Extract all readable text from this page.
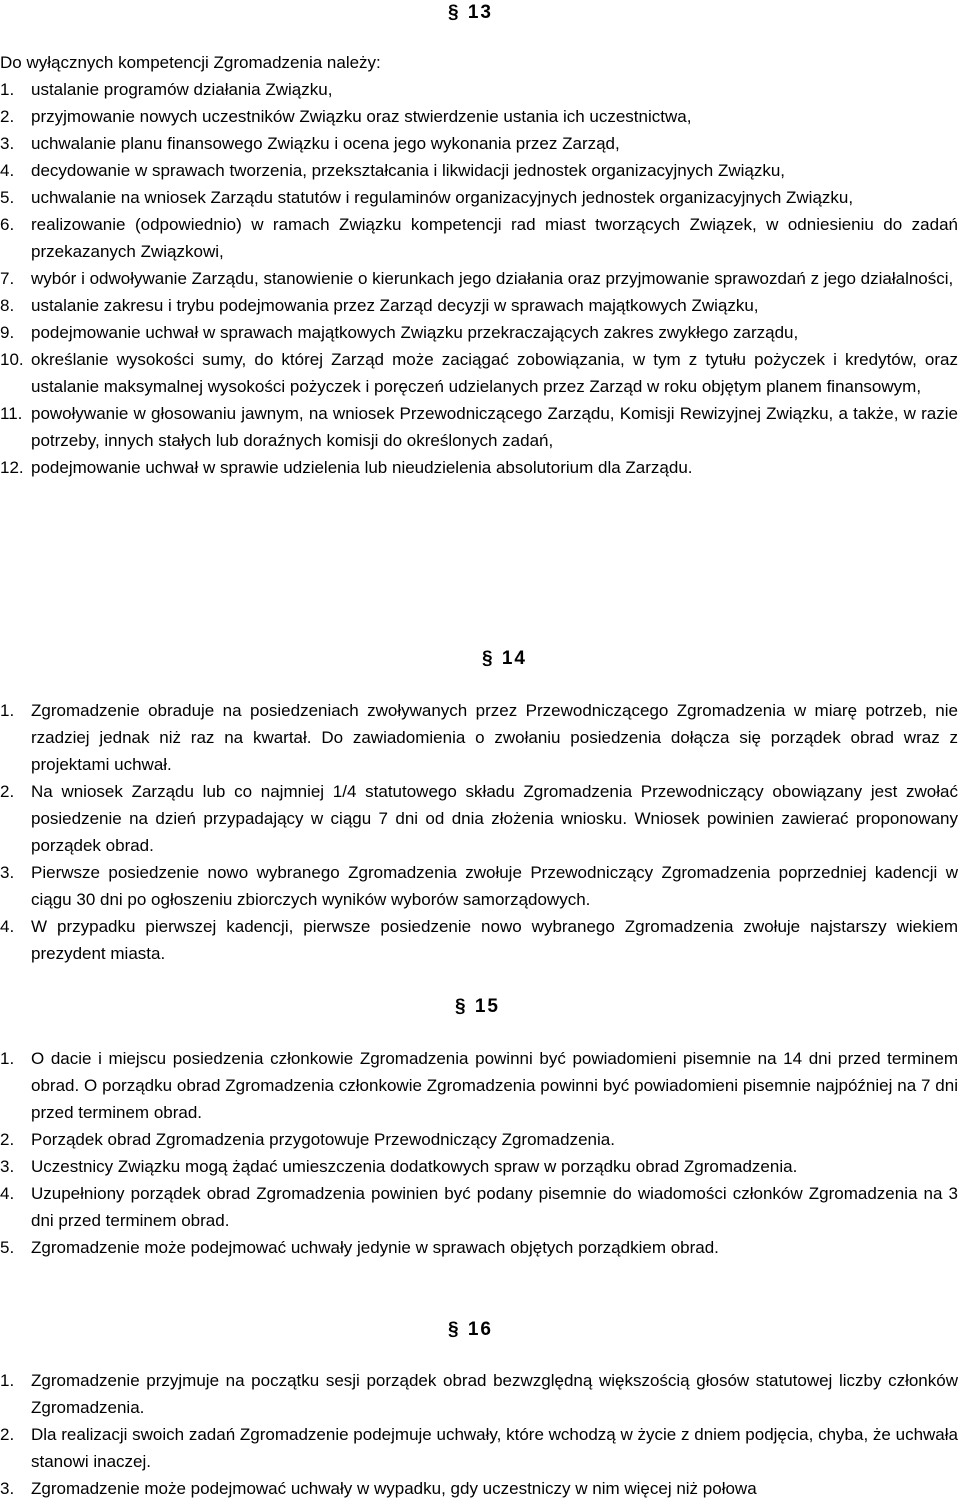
§ 13
Do wyłącznych kompetencji Zgromadzenia należy:
1. ustalanie programów działania Związku,
2. przyjmowanie nowych uczestników Związku oraz stwierdzenie ustania ich uczestnictwa,
3. uchwalanie planu finansowego Związku i ocena jego wykonania przez Zarząd,
4. decydowanie w sprawach tworzenia, przekształcania i likwidacji jednostek organizacyjnych Związku,
5. uchwalanie na wniosek Zarządu statutów i regulaminów organizacyjnych jednostek organizacyjnych Związku,
6. realizowanie (odpowiednio) w ramach Związku kompetencji rad miast tworzących Związek, w odniesieniu do zadań przekazanych Związkowi,
7. wybór i odwoływanie Zarządu, stanowienie o kierunkach jego działania oraz przyjmowanie sprawozdań z jego działalności,
8. ustalanie zakresu i trybu podejmowania przez Zarząd decyzji w sprawach majątkowych Związku,
9. podejmowanie uchwał w sprawach majątkowych Związku przekraczających zakres zwykłego zarządu,
10. określanie wysokości sumy, do której Zarząd może zaciągać zobowiązania, w tym z tytułu pożyczek i kredytów, oraz ustalanie maksymalnej wysokości pożyczek i poręczeń udzielanych przez Zarząd w roku objętym planem finansowym,
11. powoływanie w głosowaniu jawnym, na wniosek Przewodniczącego Zarządu, Komisji Rewizyjnej Związku, a także, w razie potrzeby, innych stałych lub doraźnych komisji do określonych zadań,
12. podejmowanie uchwał w sprawie udzielenia lub nieudzielenia absolutorium dla Zarządu.
§ 14
1. Zgromadzenie obraduje na posiedzeniach zwoływanych przez Przewodniczącego Zgromadzenia w miarę potrzeb, nie rzadziej jednak niż raz na kwartał. Do zawiadomienia o zwołaniu posiedzenia dołącza się porządek obrad wraz z projektami uchwał.
2. Na wniosek Zarządu lub co najmniej 1/4 statutowego składu Zgromadzenia Przewodniczący obowiązany jest zwołać posiedzenie na dzień przypadający w ciągu 7 dni od dnia złożenia wniosku. Wniosek powinien zawierać proponowany porządek obrad.
3. Pierwsze posiedzenie nowo wybranego Zgromadzenia zwołuje Przewodniczący Zgromadzenia poprzedniej kadencji w ciągu 30 dni po ogłoszeniu zbiorczych wyników wyborów samorządowych.
4. W przypadku pierwszej kadencji, pierwsze posiedzenie nowo wybranego Zgromadzenia zwołuje najstarszy wiekiem prezydent miasta.
§ 15
1. O dacie i miejscu posiedzenia członkowie Zgromadzenia powinni być powiadomieni pisemnie na 14 dni przed terminem obrad. O porządku obrad Zgromadzenia członkowie Zgromadzenia powinni być powiadomieni pisemnie najpóźniej na 7 dni przed terminem obrad.
2. Porządek obrad Zgromadzenia przygotowuje Przewodniczący Zgromadzenia.
3. Uczestnicy Związku mogą żądać umieszczenia dodatkowych spraw w porządku obrad Zgromadzenia.
4. Uzupełniony porządek obrad Zgromadzenia powinien być podany pisemnie do wiadomości członków Zgromadzenia na 3 dni przed terminem obrad.
5. Zgromadzenie może podejmować uchwały jedynie w sprawach objętych porządkiem obrad.
§ 16
1. Zgromadzenie przyjmuje na początku sesji porządek obrad bezwzględną większością głosów statutowej liczby członków Zgromadzenia.
2. Dla realizacji swoich zadań Zgromadzenie podejmuje uchwały, które wchodzą w życie z dniem podjęcia, chyba, że uchwała stanowi inaczej.
3. Zgromadzenie może podejmować uchwały w wypadku, gdy uczestniczy w nim więcej niż połowa
